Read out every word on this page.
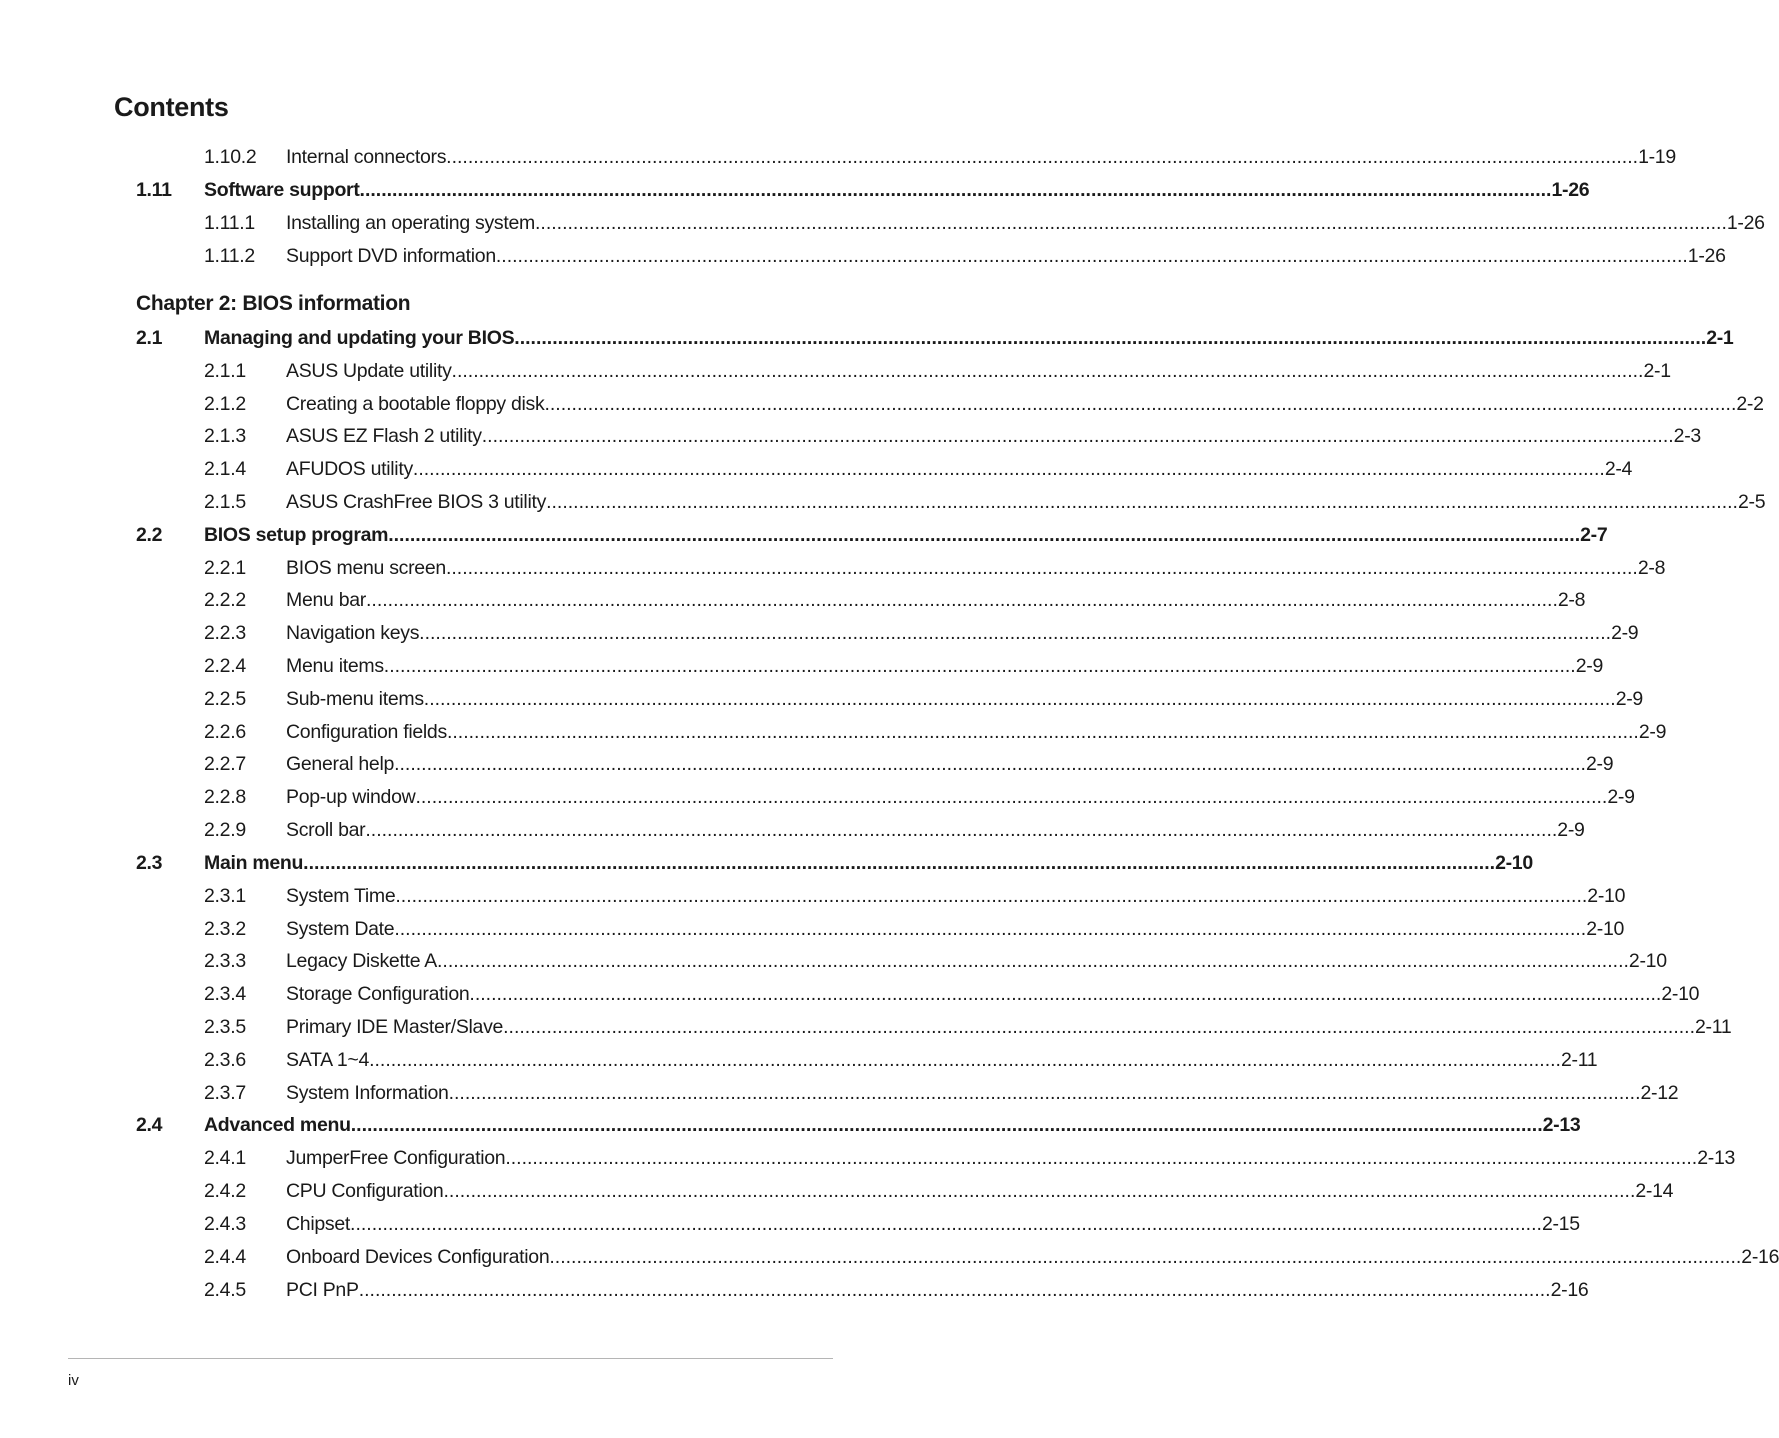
Contents
1.10.2 Internal connectors ............................................................................................................................................................................................................................ 1-19
1.11 Software support ............................................................................................................................................................................................................................ 1-26
1.11.1 Installing an operating system ............................................................................................................................................................................................................................ 1-26
1.11.2 Support DVD information ............................................................................................................................................................................................................................ 1-26
Chapter 2: BIOS information
2.1 Managing and updating your BIOS ............................................................................................................................................................................................................................ 2-1
2.1.1 ASUS Update utility ............................................................................................................................................................................................................................ 2-1
2.1.2 Creating a bootable floppy disk ............................................................................................................................................................................................................................ 2-2
2.1.3 ASUS EZ Flash 2 utility ............................................................................................................................................................................................................................ 2-3
2.1.4 AFUDOS utility ............................................................................................................................................................................................................................ 2-4
2.1.5 ASUS CrashFree BIOS 3 utility ............................................................................................................................................................................................................................ 2-5
2.2 BIOS setup program ............................................................................................................................................................................................................................ 2-7
2.2.1 BIOS menu screen ............................................................................................................................................................................................................................ 2-8
2.2.2 Menu bar ............................................................................................................................................................................................................................ 2-8
2.2.3 Navigation keys ............................................................................................................................................................................................................................ 2-9
2.2.4 Menu items ............................................................................................................................................................................................................................ 2-9
2.2.5 Sub-menu items ............................................................................................................................................................................................................................ 2-9
2.2.6 Configuration fields ............................................................................................................................................................................................................................ 2-9
2.2.7 General help ............................................................................................................................................................................................................................ 2-9
2.2.8 Pop-up window ............................................................................................................................................................................................................................ 2-9
2.2.9 Scroll bar ............................................................................................................................................................................................................................ 2-9
2.3 Main menu ............................................................................................................................................................................................................................ 2-10
2.3.1 System Time ............................................................................................................................................................................................................................ 2-10
2.3.2 System Date ............................................................................................................................................................................................................................ 2-10
2.3.3 Legacy Diskette A ............................................................................................................................................................................................................................ 2-10
2.3.4 Storage Configuration ............................................................................................................................................................................................................................ 2-10
2.3.5 Primary IDE Master/Slave ............................................................................................................................................................................................................................ 2-11
2.3.6 SATA 1~4 ............................................................................................................................................................................................................................ 2-11
2.3.7 System Information ............................................................................................................................................................................................................................ 2-12
2.4 Advanced menu ............................................................................................................................................................................................................................ 2-13
2.4.1 JumperFree Configuration ............................................................................................................................................................................................................................ 2-13
2.4.2 CPU Configuration ............................................................................................................................................................................................................................ 2-14
2.4.3 Chipset ............................................................................................................................................................................................................................ 2-15
2.4.4 Onboard Devices Configuration ............................................................................................................................................................................................................................ 2-16
2.4.5 PCI PnP ............................................................................................................................................................................................................................ 2-16
iv
